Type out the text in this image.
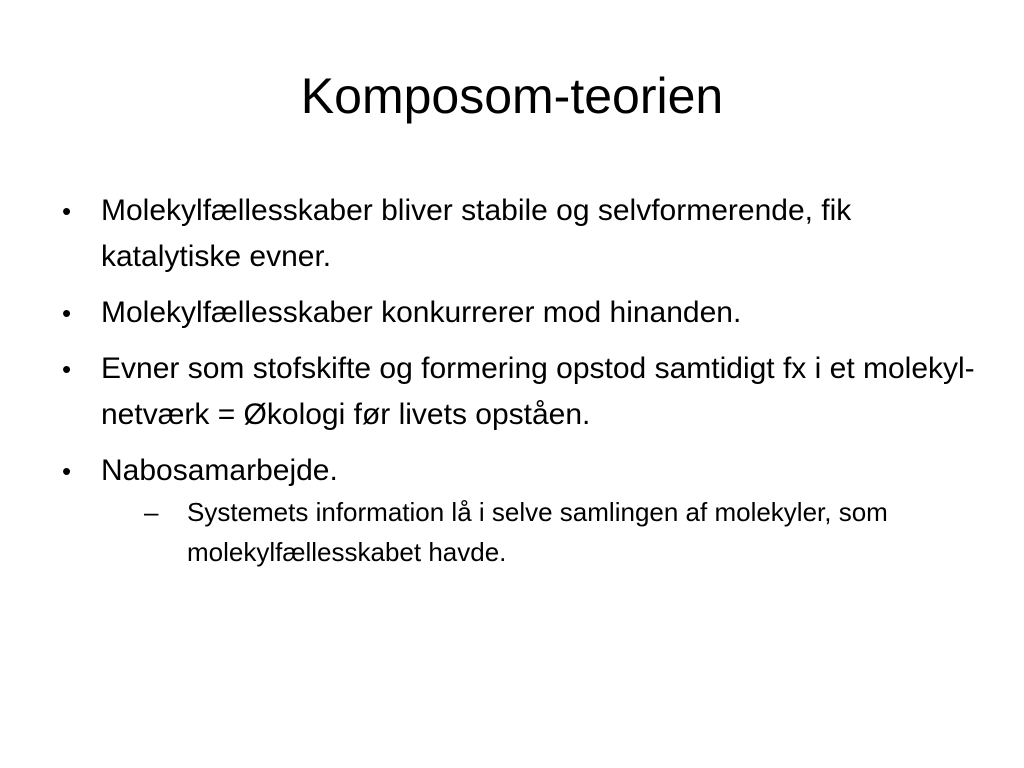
Komposom-teorien
• Molekylfællesskaber bliver stabile og selvformerende, fik katalytiske evner.
• Molekylfællesskaber konkurrerer mod hinanden.
• Evner som stofskifte og formering opstod samtidigt fx i et molekyl-netværk = Økologi før livets opståen.
• Nabosamarbejde.
– Systemets information lå i selve samlingen af molekyler, som molekylfællesskabet havde.
